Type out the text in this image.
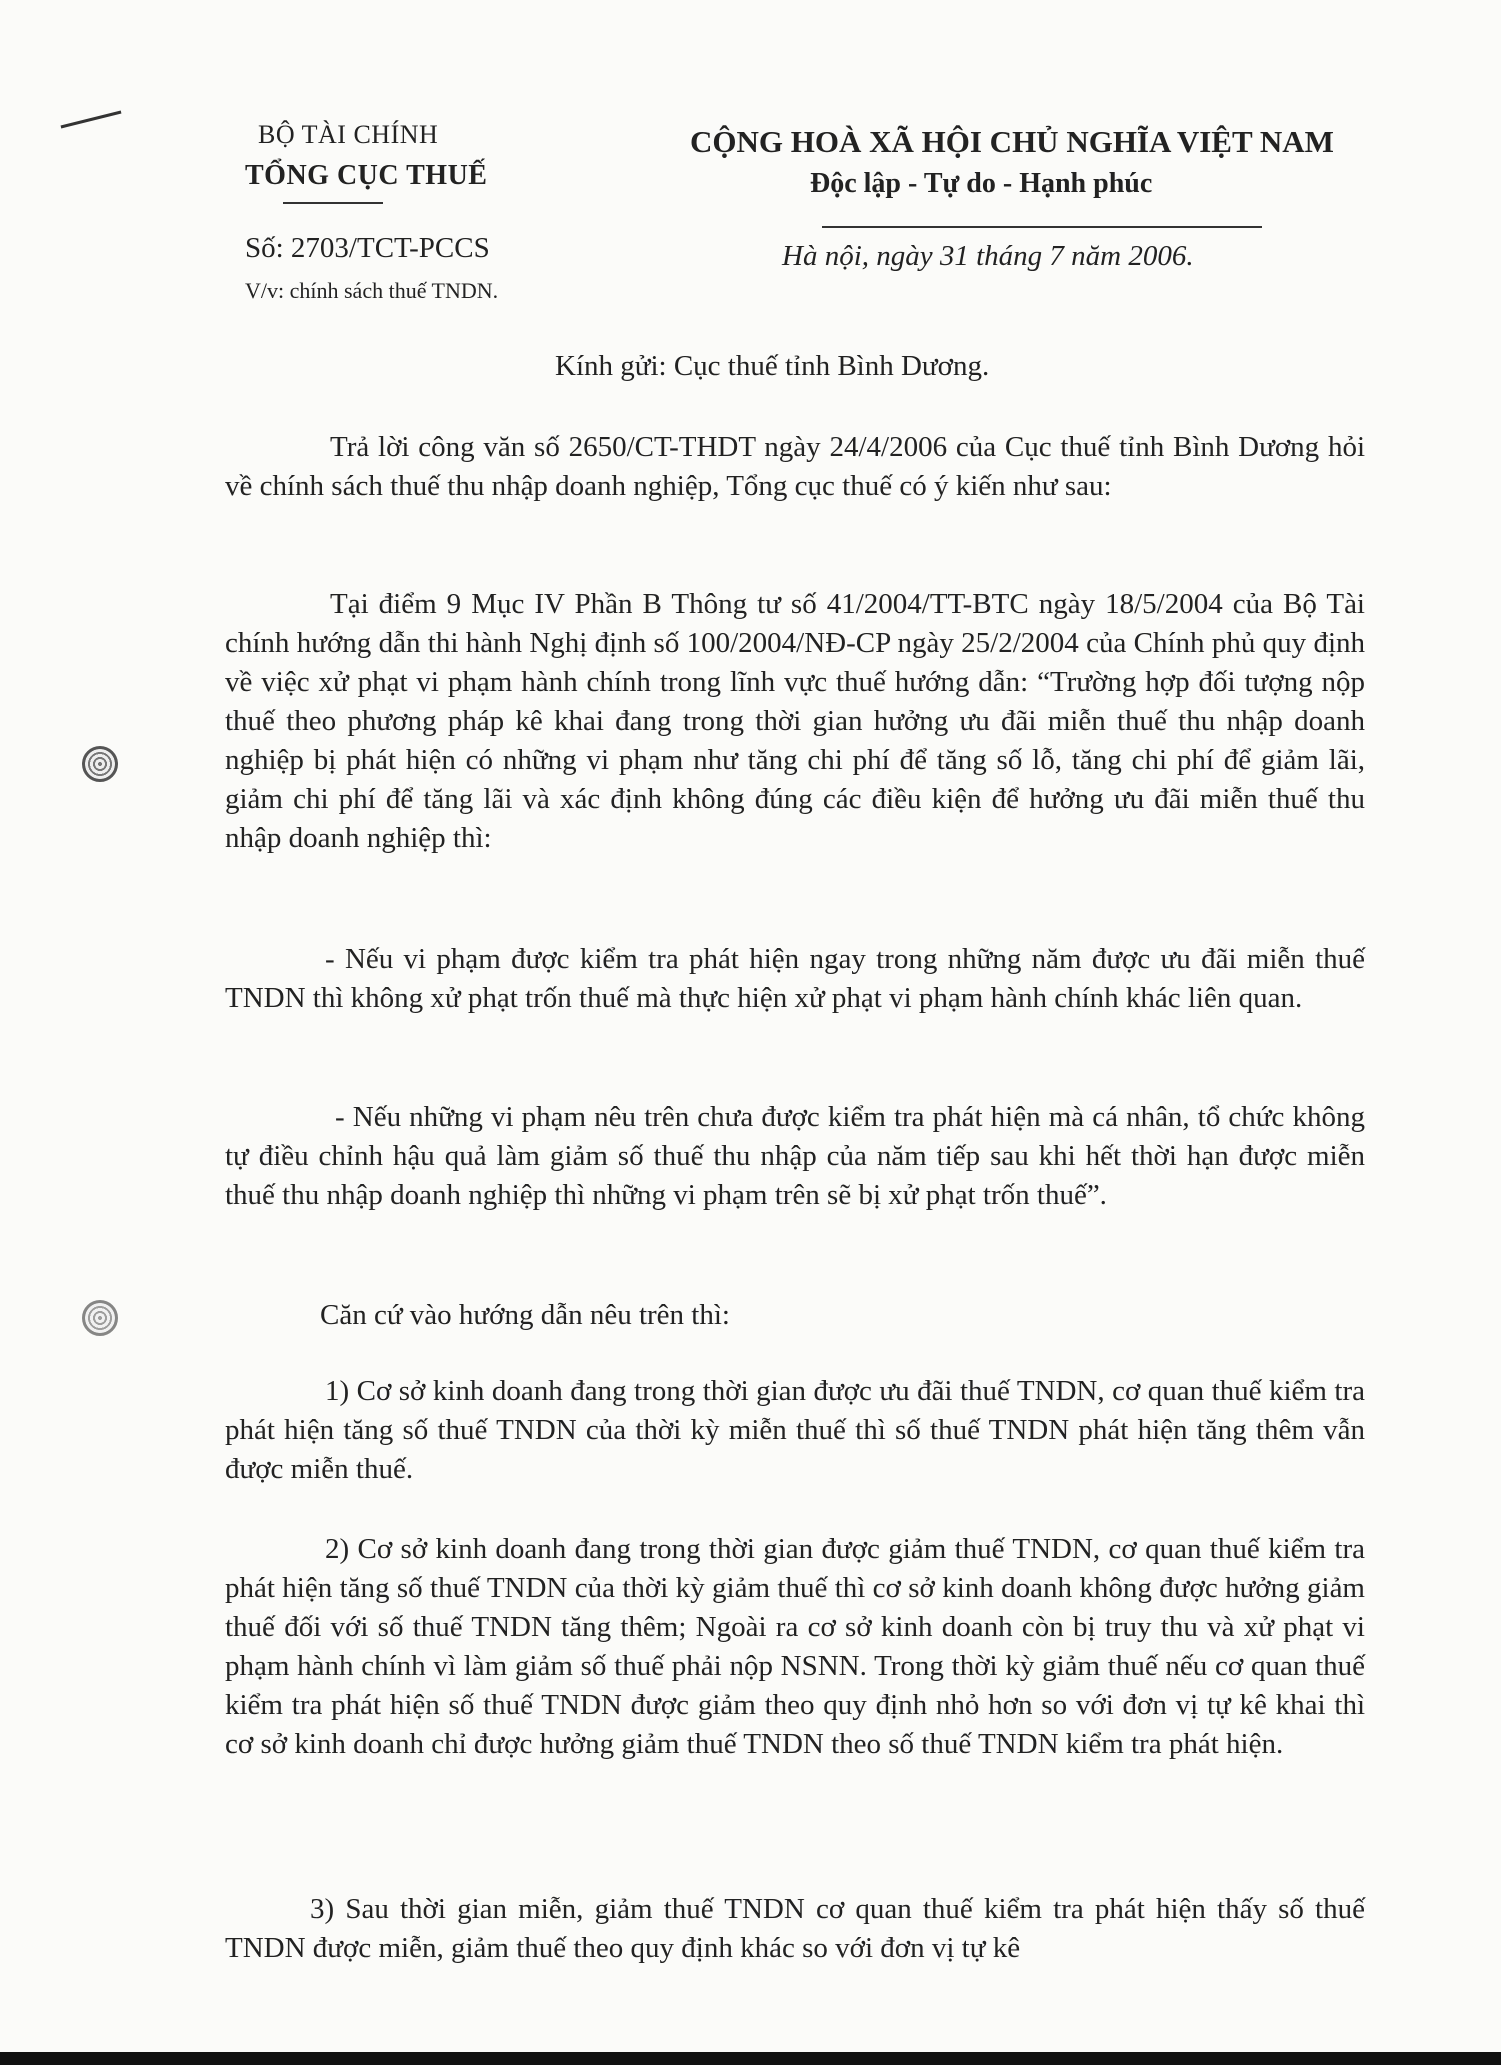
BỘ TÀI CHÍNH
TỔNG CỤC THUẾ
CỘNG HOÀ XÃ HỘI CHỦ NGHĨA VIỆT NAM
Độc lập - Tự do - Hạnh phúc
Số: 2703/TCT-PCCS
V/v: chính sách thuế TNDN.
Hà nội, ngày 31 tháng 7 năm 2006.
Kính gửi: Cục thuế tỉnh Bình Dương.
Trả lời công văn số 2650/CT-THDT ngày 24/4/2006 của Cục thuế tỉnh Bình Dương hỏi về chính sách thuế thu nhập doanh nghiệp, Tổng cục thuế có ý kiến như sau:
Tại điểm 9 Mục IV Phần B Thông tư số 41/2004/TT-BTC ngày 18/5/2004 của Bộ Tài chính hướng dẫn thi hành Nghị định số 100/2004/NĐ-CP ngày 25/2/2004 của Chính phủ quy định về việc xử phạt vi phạm hành chính trong lĩnh vực thuế hướng dẫn: “Trường hợp đối tượng nộp thuế theo phương pháp kê khai đang trong thời gian hưởng ưu đãi miễn thuế thu nhập doanh nghiệp bị phát hiện có những vi phạm như tăng chi phí để tăng số lỗ, tăng chi phí để giảm lãi, giảm chi phí để tăng lãi và xác định không đúng các điều kiện để hưởng ưu đãi miễn thuế thu nhập doanh nghiệp thì:
- Nếu vi phạm được kiểm tra phát hiện ngay trong những năm được ưu đãi miễn thuế TNDN thì không xử phạt trốn thuế mà thực hiện xử phạt vi phạm hành chính khác liên quan.
- Nếu những vi phạm nêu trên chưa được kiểm tra phát hiện mà cá nhân, tổ chức không tự điều chỉnh hậu quả làm giảm số thuế thu nhập của năm tiếp sau khi hết thời hạn được miễn thuế thu nhập doanh nghiệp thì những vi phạm trên sẽ bị xử phạt trốn thuế”.
Căn cứ vào hướng dẫn nêu trên thì:
1) Cơ sở kinh doanh đang trong thời gian được ưu đãi thuế TNDN, cơ quan thuế kiểm tra phát hiện tăng số thuế TNDN của thời kỳ miễn thuế thì số thuế TNDN phát hiện tăng thêm vẫn được miễn thuế.
2) Cơ sở kinh doanh đang trong thời gian được giảm thuế TNDN, cơ quan thuế kiểm tra phát hiện tăng số thuế TNDN của thời kỳ giảm thuế thì cơ sở kinh doanh không được hưởng giảm thuế đối với số thuế TNDN tăng thêm; Ngoài ra cơ sở kinh doanh còn bị truy thu và xử phạt vi phạm hành chính vì làm giảm số thuế phải nộp NSNN. Trong thời kỳ giảm thuế nếu cơ quan thuế kiểm tra phát hiện số thuế TNDN được giảm theo quy định nhỏ hơn so với đơn vị tự kê khai thì cơ sở kinh doanh chỉ được hưởng giảm thuế TNDN theo số thuế TNDN kiểm tra phát hiện.
3) Sau thời gian miễn, giảm thuế TNDN cơ quan thuế kiểm tra phát hiện thấy số thuế TNDN được miễn, giảm thuế theo quy định khác so với đơn vị tự kê
